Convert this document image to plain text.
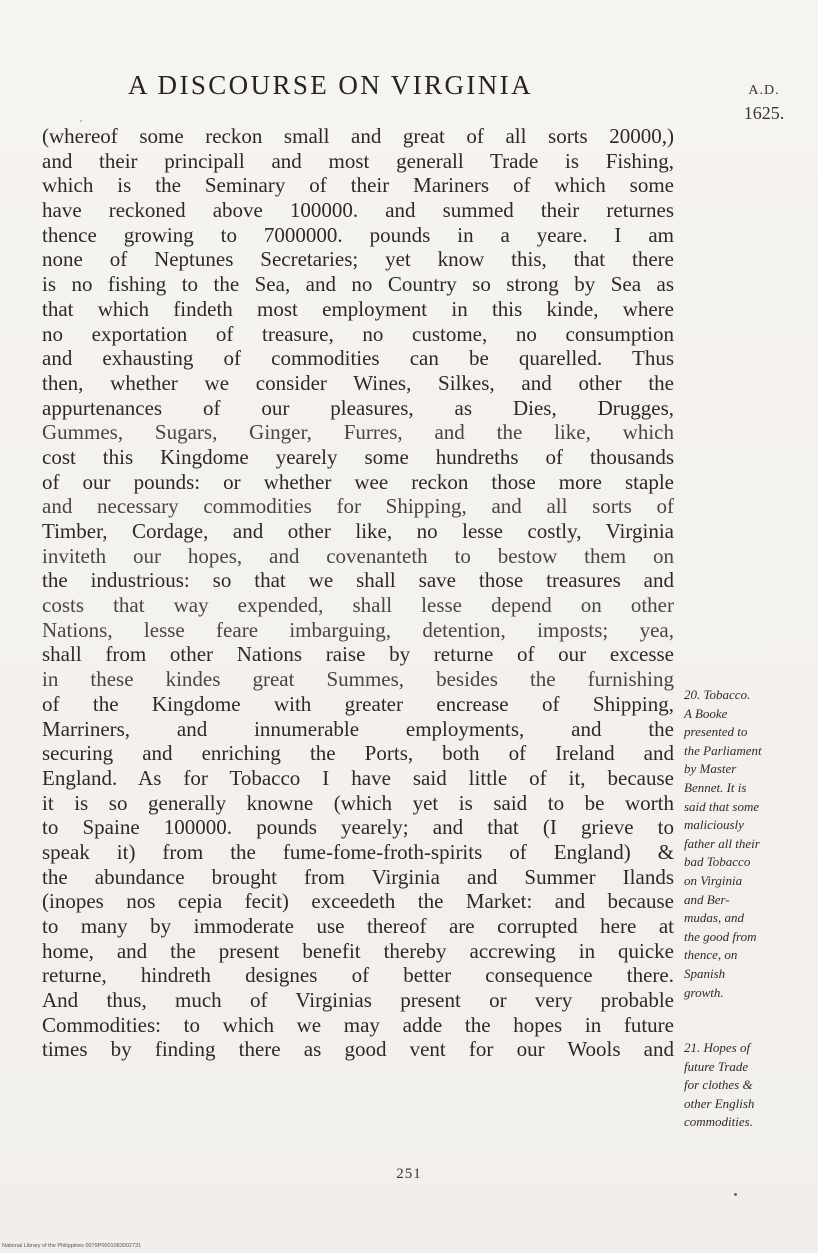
A DISCOURSE ON VIRGINIA	A.D.
1625.
(whereof some reckon small and great of all sorts 20000,)
and their principall and most generall Trade is Fishing,
which is the Seminary of their Mariners of which some
have reckoned above 100000. and summed their returnes
thence growing to 7000000. pounds in a yeare. I am
none of Neptunes Secretaries; yet know this, that there
is no fishing to the Sea, and no Country so strong by Sea as
that which findeth most employment in this kinde, where
no exportation of treasure, no custome, no consumption
and exhausting of commodities can be quarelled. Thus
then, whether we consider Wines, Silkes, and other the
appurtenances of our pleasures, as Dies, Drugges,
Gummes, Sugars, Ginger, Furres, and the like, which
cost this Kingdome yearely some hundreths of thousands
of our pounds: or whether wee reckon those more staple
and necessary commodities for Shipping, and all sorts of
Timber, Cordage, and other like, no lesse costly, Virginia
inviteth our hopes, and covenanteth to bestow them on
the industrious: so that we shall save those treasures and
costs that way expended, shall lesse depend on other
Nations, lesse feare imbarguing, detention, imposts; yea,
shall from other Nations raise by returne of our excesse
in these kindes great Summes, besides the furnishing
of the Kingdome with greater encrease of Shipping,
Marriners, and innumerable employments, and the
securing and enriching the Ports, both of Ireland and
England. As for Tobacco I have said little of it, because
it is so generally knowne (which yet is said to be worth
to Spaine 100000. pounds yearely; and that (I grieve to
speak it) from the fume-fome-froth-spirits of England) &
the abundance brought from Virginia and Summer Ilands
(inopes nos cepia fecit) exceedeth the Market: and because
to many by immoderate use thereof are corrupted here at
home, and the present benefit thereby accrewing in quicke
returne, hindreth designes of better consequence there.
And thus, much of Virginias present or very probable
Commodities: to which we may adde the hopes in future
times by finding there as good vent for our Wools and
20. Tobacco.
A Booke
presented to
the Parliament
by Master
Bennet. It is
said that some
maliciously
father all their
bad Tobacco
on Virginia
and Ber-
mudas, and
the good from
thence, on
Spanish
growth.
21. Hopes of
future Trade
for clothes &
other English
commodities.
251
National Library of the Philippines 0079P0001083002731
